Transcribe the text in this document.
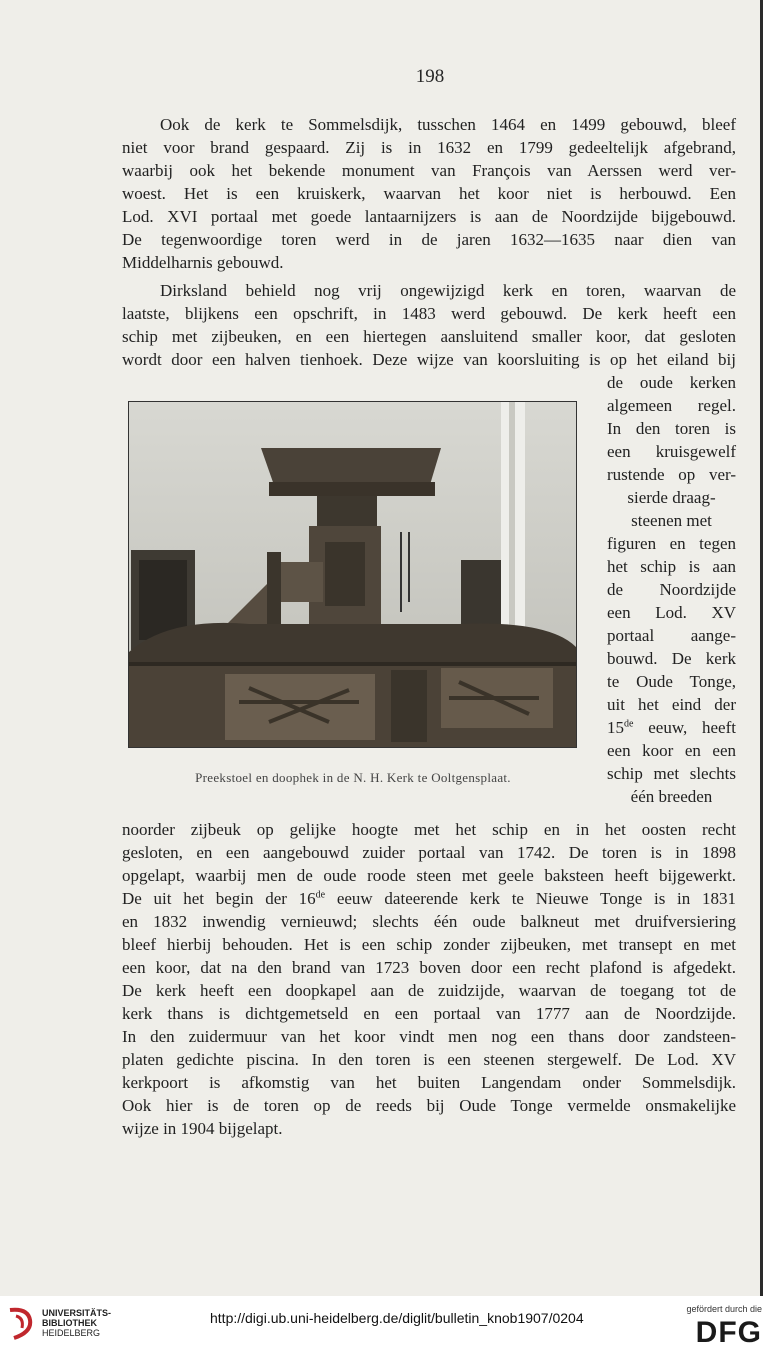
198
Ook de kerk te Sommelsdijk, tusschen 1464 en 1499 gebouwd, bleef
niet voor brand gespaard. Zij is in 1632 en 1799 gedeeltelijk afgebrand,
waarbij ook het bekende monument van François van Aerssen werd ver-
woest. Het is een kruiskerk, waarvan het koor niet is herbouwd. Een
Lod. XVI portaal met goede lantaarnijzers is aan de Noordzijde bijgebouwd.
De tegenwoordige toren werd in de jaren 1632—1635 naar dien van
Middelharnis gebouwd.
Dirksland behield nog vrij ongewijzigd kerk en toren, waarvan de
laatste, blijkens een opschrift, in 1483 werd gebouwd. De kerk heeft een
schip met zijbeuken, en een hiertegen aansluitend smaller koor, dat gesloten
wordt door een halven tienhoek. Deze wijze van koorsluiting is op het eiland bij
de oude kerken
algemeen regel.
In den toren is
een kruisgewelf
rustende op ver-
sierde draag-
steenen met
figuren en tegen
het schip is aan
de Noordzijde
een Lod. XV
portaal aange-
bouwd. De kerk
te Oude Tonge,
uit het eind der
15de eeuw, heeft
een koor en een
schip met slechts
één breeden
Preekstoel en doophek in de N. H. Kerk te Ooltgensplaat.
noorder zijbeuk op gelijke hoogte met het schip en in het oosten recht
gesloten, en een aangebouwd zuider portaal van 1742. De toren is in 1898
opgelapt, waarbij men de oude roode steen met geele baksteen heeft bijgewerkt.
De uit het begin der 16de eeuw dateerende kerk te Nieuwe Tonge is in 1831
en 1832 inwendig vernieuwd; slechts één oude balkneut met druifversiering
bleef hierbij behouden. Het is een schip zonder zijbeuken, met transept en met
een koor, dat na den brand van 1723 boven door een recht plafond is afgedekt.
De kerk heeft een doopkapel aan de zuidzijde, waarvan de toegang tot de
kerk thans is dichtgemetseld en een portaal van 1777 aan de Noordzijde.
In den zuidermuur van het koor vindt men nog een thans door zandsteen-
platen gedichte piscina. In den toren is een steenen stergewelf. De Lod. XV
kerkpoort is afkomstig van het buiten Langendam onder Sommelsdijk.
Ook hier is de toren op de reeds bij Oude Tonge vermelde onsmakelijke
wijze in 1904 bijgelapt.
UNIVERSITÄTS-
BIBLIOTHEK
HEIDELBERG
http://digi.ub.uni-heidelberg.de/diglit/bulletin_knob1907/0204
gefördert durch die
DFG
